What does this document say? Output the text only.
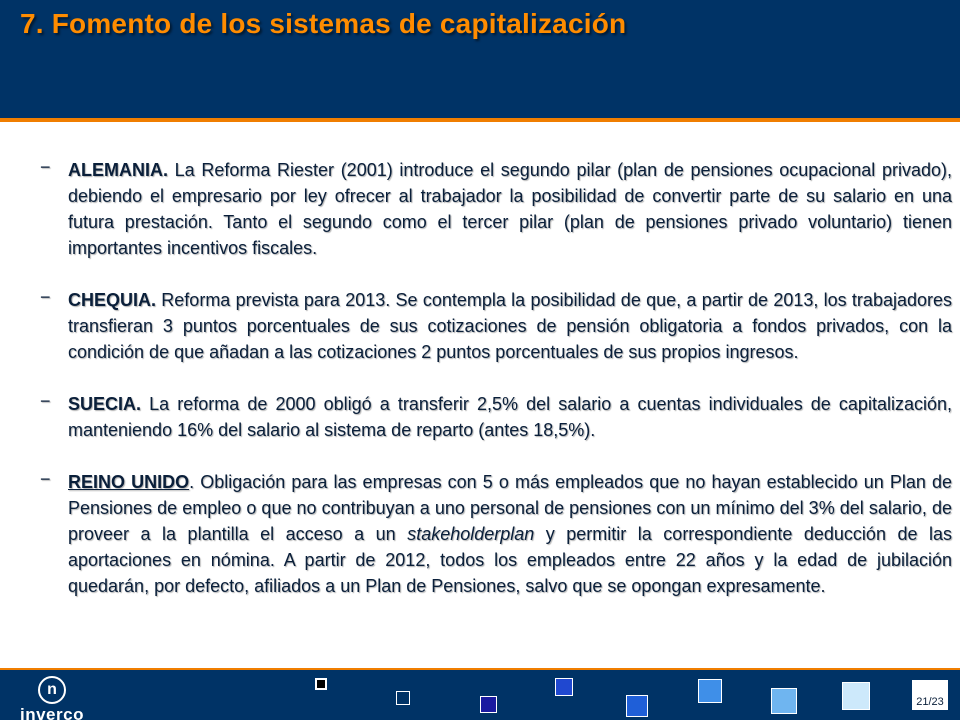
7. Fomento de los sistemas de capitalización

− ALEMANIA. La Reforma Riester (2001) introduce el segundo pilar (plan de pensiones ocupacional privado), debiendo el empresario por ley ofrecer al trabajador la posibilidad de convertir parte de su salario en una futura prestación. Tanto el segundo como el tercer pilar (plan de pensiones privado voluntario) tienen importantes incentivos fiscales.

− CHEQUIA. Reforma prevista para 2013. Se contempla la posibilidad de que, a partir de 2013, los trabajadores transfieran 3 puntos porcentuales de sus cotizaciones de pensión obligatoria a fondos privados, con la condición de que añadan a las cotizaciones 2 puntos porcentuales de sus propios ingresos.

− SUECIA. La reforma de 2000 obligó a transferir 2,5% del salario a cuentas individuales de capitalización, manteniendo 16% del salario al sistema de reparto (antes 18,5%).

− REINO UNIDO. Obligación para las empresas con 5 o más empleados que no hayan establecido un Plan de Pensiones de empleo o que no contribuyan a uno personal de pensiones con un mínimo del 3% del salario, de proveer a la plantilla el acceso a un stakeholderplan y permitir la correspondiente deducción de las aportaciones en nómina. A partir de 2012, todos los empleados entre 22 años y la edad de jubilación quedarán, por defecto, afiliados a un Plan de Pensiones, salvo que se opongan expresamente.

n
inverco
21/23
